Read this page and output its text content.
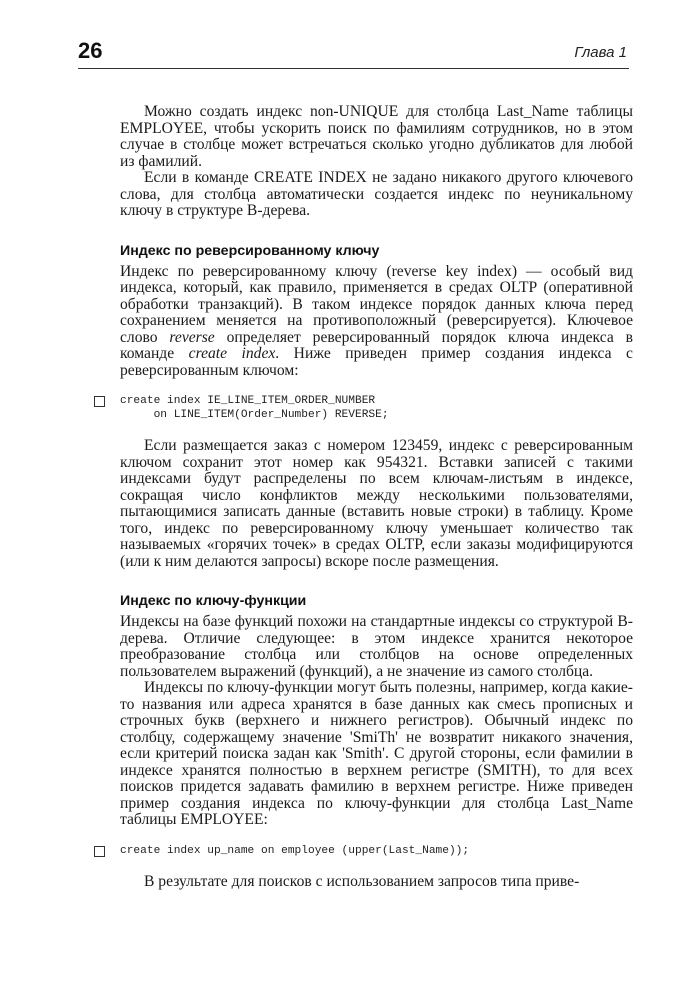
26	Глава 1

Можно создать индекс non-UNIQUE для столбца Last_Name таблицы EMPLOYEE, чтобы ускорить поиск по фамилиям сотрудников, но в этом случае в столбце может встречаться сколько угодно дубликатов для любой из фамилий.

Если в команде CREATE INDEX не задано никакого другого ключевого слова, для столбца автоматически создается индекс по неуникальному ключу в структуре B-дерева.

Индекс по реверсированному ключу

Индекс по реверсированному ключу (reverse key index) — особый вид индекса, который, как правило, применяется в средах OLTP (оперативной обработки транзакций). В таком индексе порядок данных ключа перед сохранением меняется на противоположный (реверсируется). Ключевое слово reverse определяет реверсированный порядок ключа индекса в команде create index. Ниже приведен пример создания индекса с реверсированным ключом:

create index IE_LINE_ITEM_ORDER_NUMBER
on LINE_ITEM(Order_Number) REVERSE;

Если размещается заказ с номером 123459, индекс с реверсированным ключом сохранит этот номер как 954321. Вставки записей с такими индексами будут распределены по всем ключам-листьям в индексе, сокращая число конфликтов между несколькими пользователями, пытающимися записать данные (вставить новые строки) в таблицу. Кроме того, индекс по реверсированному ключу уменьшает количество так называемых «горячих точек» в средах OLTP, если заказы модифицируются (или к ним делаются запросы) вскоре после размещения.

Индекс по ключу-функции

Индексы на базе функций похожи на стандартные индексы со структурой B-дерева. Отличие следующее: в этом индексе хранится некоторое преобразование столбца или столбцов на основе определенных пользователем выражений (функций), а не значение из самого столбца.

Индексы по ключу-функции могут быть полезны, например, когда какие-то названия или адреса хранятся в базе данных как смесь прописных и строчных букв (верхнего и нижнего регистров). Обычный индекс по столбцу, содержащему значение 'SmiTh' не возвратит никакого значения, если критерий поиска задан как 'Smith'. С другой стороны, если фамилии в индексе хранятся полностью в верхнем регистре (SMITH), то для всех поисков придется задавать фамилию в верхнем регистре. Ниже приведен пример создания индекса по ключу-функции для столбца Last_Name таблицы EMPLOYEE:

create index up_name on employee (upper(Last_Name));

В результате для поисков с использованием запросов типа приве-
